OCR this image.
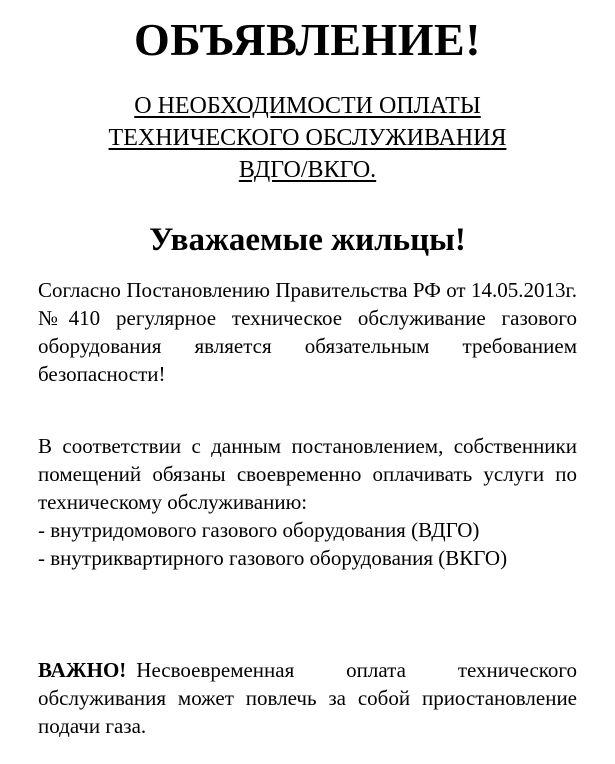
ОБЪЯВЛЕНИЕ!
О НЕОБХОДИМОСТИ ОПЛАТЫ
ТЕХНИЧЕСКОГО ОБСЛУЖИВАНИЯ
ВДГО/ВКГО.
Уважаемые жильцы!

Согласно Постановлению Правительства РФ от 14.05.2013г. №410 регулярное техническое обслуживание газового оборудования является обязательным требованием безопасности!

В соответствии с данным постановлением, собственники помещений обязаны своевременно оплачивать услуги по техническому обслуживанию:

- внутридомового газового оборудования (ВДГО)

- внутриквартирного газового оборудования (ВКГО)

ВАЖНО! Несвоевременная оплата технического обслуживания может повлечь за собой приостановление подачи газа.
